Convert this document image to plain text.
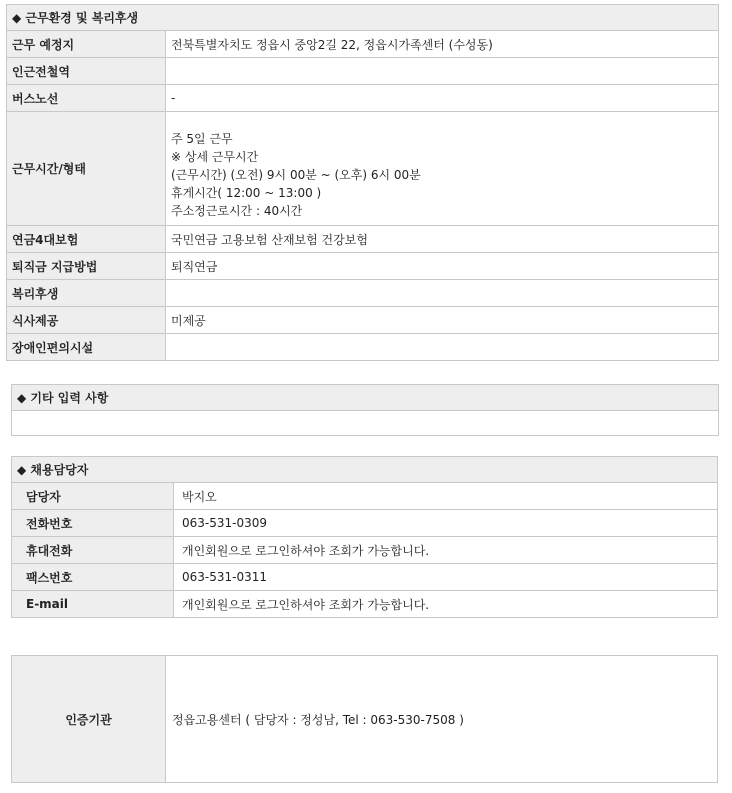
◆ 근무환경 및 복리후생
근무 예정지	전북특별자치도 정읍시 중앙2길 22, 정읍시가족센터 (수성동)
인근전철역	
버스노선	-
근무시간/형태	주 5일 근무
※ 상세 근무시간
(근무시간) (오전) 9시 00분 ~ (오후) 6시 00분
휴게시간( 12:00 ~ 13:00 )
주소정근로시간 : 40시간

연금4대보험	국민연금 고용보험 산재보험 건강보험
퇴직금 지급방법	퇴직연금
복리후생	
식사제공	미제공
장애인편의시설	
◆ 기타 입력 사항
◆ 채용담당자
담당자	박지오
전화번호	063-531-0309
휴대전화	개인회원으로 로그인하셔야 조회가 가능합니다.
팩스번호	063-531-0311
E-mail	개인회원으로 로그인하셔야 조회가 가능합니다.
인증기관	정읍고용센터 ( 담당자 : 정성남, Tel : 063-530-7508 )
